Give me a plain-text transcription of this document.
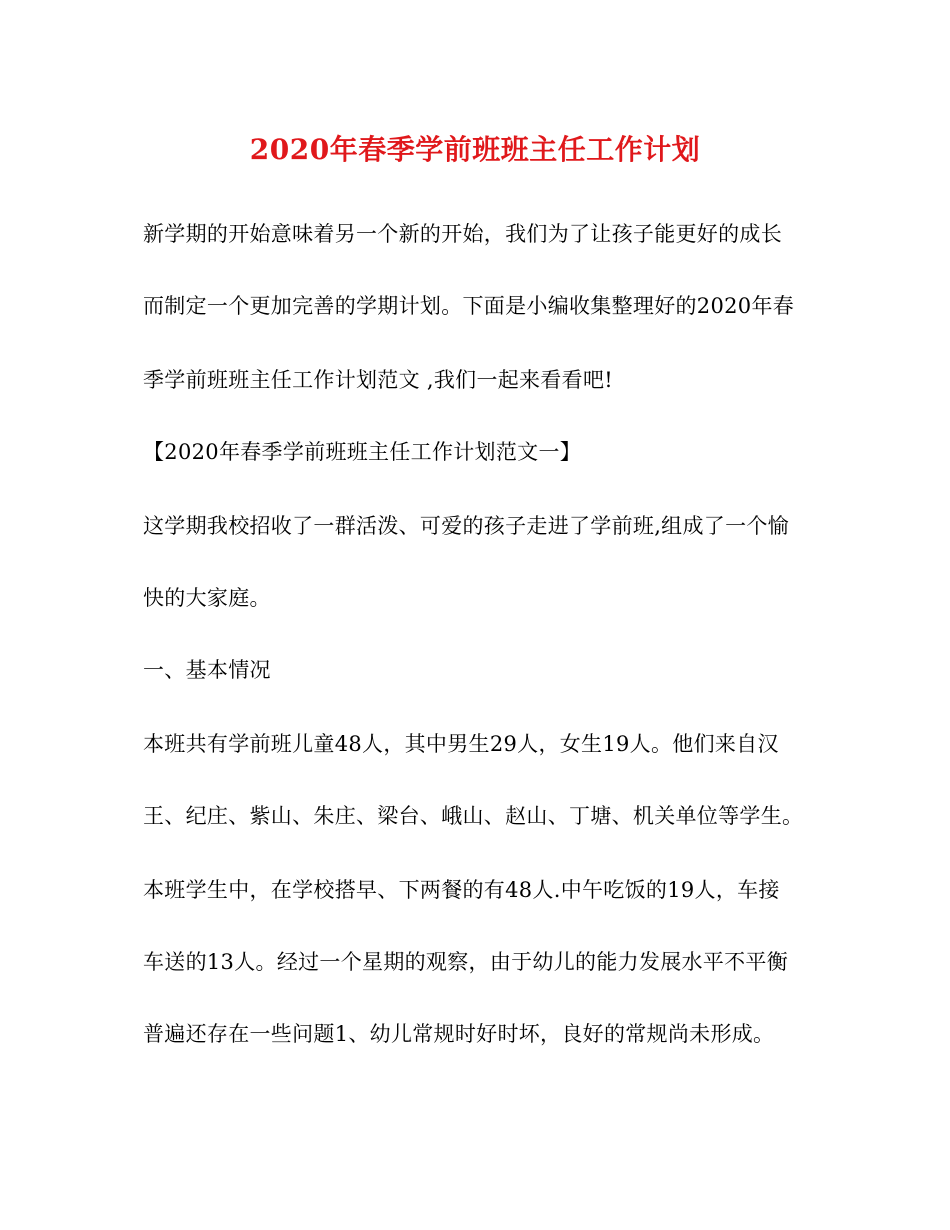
2020年春季学前班班主任工作计划
新学期的开始意味着另一个新的开始，我们为了让孩子能更好的成长
而制定一个更加完善的学期计划。下面是小编收集整理好的2020年春
季学前班班主任工作计划范文 ,我们一起来看看吧!
【2020年春季学前班班主任工作计划范文一】
这学期我校招收了一群活泼、可爱的孩子走进了学前班,组成了一个愉
快的大家庭。
一、基本情况
本班共有学前班儿童48人，其中男生29人，女生19人。他们来自汉
王、纪庄、紫山、朱庄、梁台、峨山、赵山、丁塘、机关单位等学生。
本班学生中，在学校搭早、下两餐的有48人.中午吃饭的19人，车接
车送的13人。经过一个星期的观察，由于幼儿的能力发展水平不平衡
普遍还存在一些问题1、幼儿常规时好时坏，良好的常规尚未形成。
